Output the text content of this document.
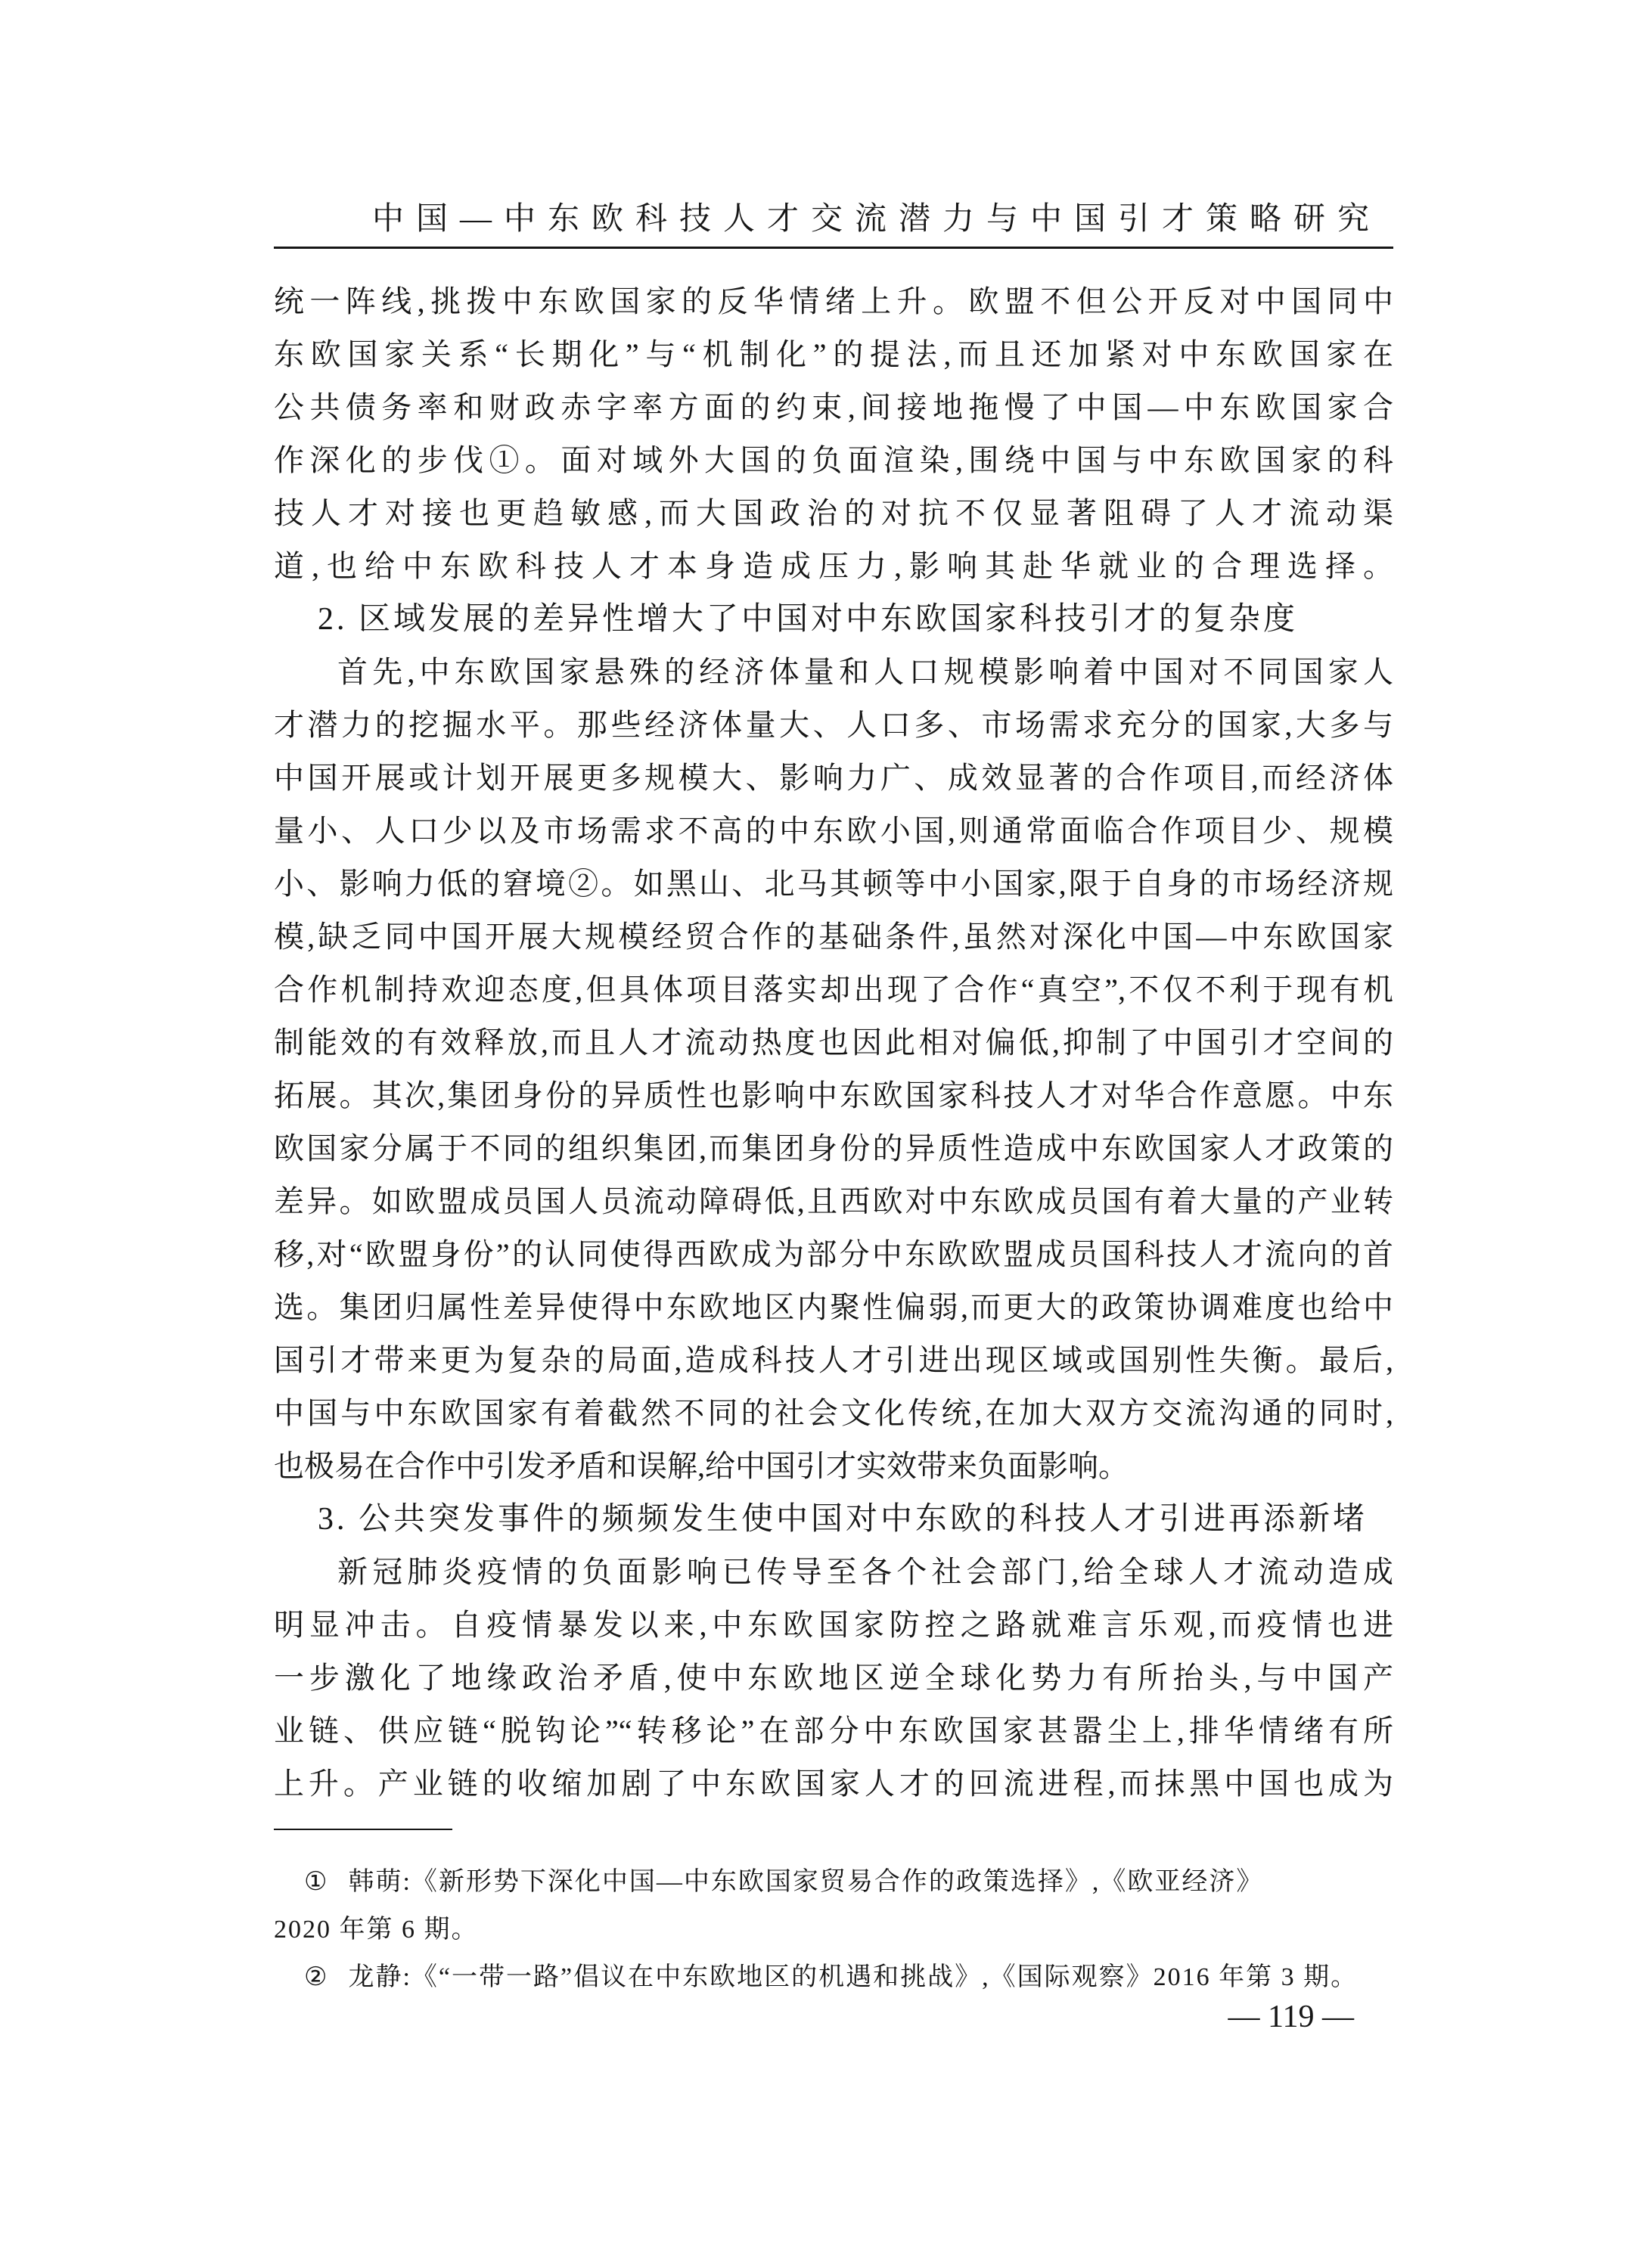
中国—中东欧科技人才交流潜力与中国引才策略研究

统一阵线,挑拨中东欧国家的反华情绪上升。欧盟不但公开反对中国同中

东欧国家关系“长期化”与“机制化”的提法,而且还加紧对中东欧国家在

公共债务率和财政赤字率方面的约束,间接地拖慢了中国—中东欧国家合

作深化的步伐①。面对域外大国的负面渲染,围绕中国与中东欧国家的科

技人才对接也更趋敏感,而大国政治的对抗不仅显著阻碍了人才流动渠

道,也给中东欧科技人才本身造成压力,影响其赴华就业的合理选择。

2. 区域发展的差异性增大了中国对中东欧国家科技引才的复杂度

首先,中东欧国家悬殊的经济体量和人口规模影响着中国对不同国家人

才潜力的挖掘水平。那些经济体量大、人口多、市场需求充分的国家,大多与

中国开展或计划开展更多规模大、影响力广、成效显著的合作项目,而经济体

量小、人口少以及市场需求不高的中东欧小国,则通常面临合作项目少、规模

小、影响力低的窘境②。如黑山、北马其顿等中小国家,限于自身的市场经济规

模,缺乏同中国开展大规模经贸合作的基础条件,虽然对深化中国—中东欧国家

合作机制持欢迎态度,但具体项目落实却出现了合作“真空”,不仅不利于现有机

制能效的有效释放,而且人才流动热度也因此相对偏低,抑制了中国引才空间的

拓展。其次,集团身份的异质性也影响中东欧国家科技人才对华合作意愿。中东

欧国家分属于不同的组织集团,而集团身份的异质性造成中东欧国家人才政策的

差异。如欧盟成员国人员流动障碍低,且西欧对中东欧成员国有着大量的产业转

移,对“欧盟身份”的认同使得西欧成为部分中东欧欧盟成员国科技人才流向的首

选。集团归属性差异使得中东欧地区内聚性偏弱,而更大的政策协调难度也给中

国引才带来更为复杂的局面,造成科技人才引进出现区域或国别性失衡。最后,

中国与中东欧国家有着截然不同的社会文化传统,在加大双方交流沟通的同时,

也极易在合作中引发矛盾和误解,给中国引才实效带来负面影响。

3. 公共突发事件的频频发生使中国对中东欧的科技人才引进再添新堵

新冠肺炎疫情的负面影响已传导至各个社会部门,给全球人才流动造成

明显冲击。自疫情暴发以来,中东欧国家防控之路就难言乐观,而疫情也进

一步激化了地缘政治矛盾,使中东欧地区逆全球化势力有所抬头,与中国产

业链、供应链“脱钩论”“转移论”在部分中东欧国家甚嚣尘上,排华情绪有所

上升。产业链的收缩加剧了中东欧国家人才的回流进程,而抹黑中国也成为

① 韩萌:《新形势下深化中国—中东欧国家贸易合作的政策选择》,《欧亚经济》

2020 年第 6 期。

② 龙静:《“一带一路”倡议在中东欧地区的机遇和挑战》,《国际观察》2016 年第 3 期。

— 119 —
